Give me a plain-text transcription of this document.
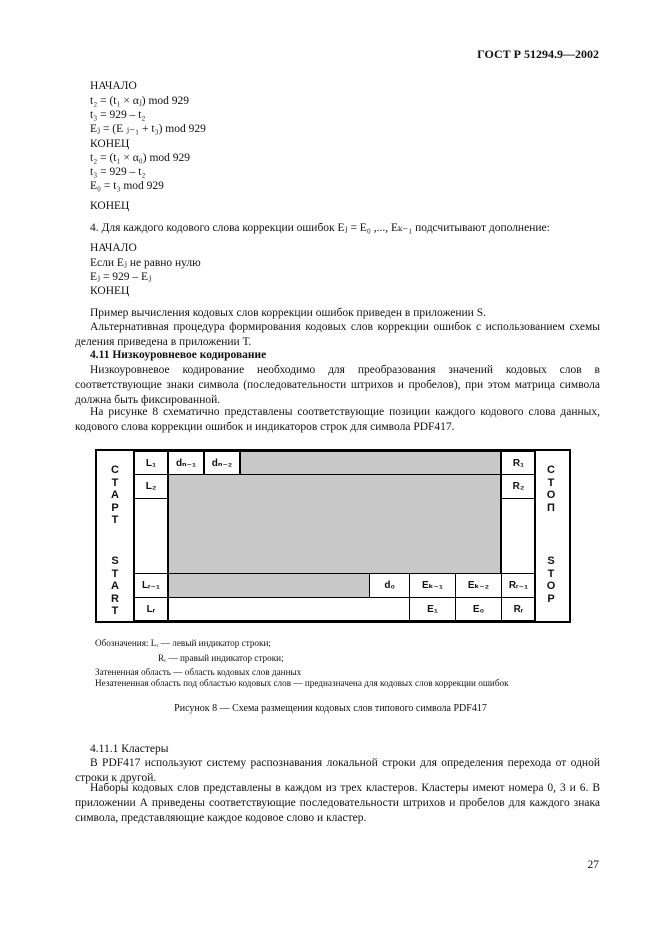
ГОСТ Р 51294.9—2002
НАЧАЛО
t₂ = (t₁ × αⱼ) mod 929
t₃ = 929 – t₂
Eⱼ = (E ⱼ₋₁ + t₃) mod 929
КОНЕЦ
t₂ = (t₁ × α₀) mod 929
t₃ = 929 – t₂
E₀ = t₃ mod 929
КОНЕЦ
4. Для каждого кодового слова коррекции ошибок Eⱼ = E₀ ,..., Eₖ₋₁ подсчитывают дополнение:
НАЧАЛО
Если Eⱼ не равно нулю
Eⱼ = 929 – Eⱼ
КОНЕЦ
Пример вычисления кодовых слов коррекции ошибок приведен в приложении S.
Альтернативная процедура формирования кодовых слов коррекции ошибок с использованием схемы деления приведена в приложении Т.
4.11 Низкоуровневое кодирование
Низкоуровневое кодирование необходимо для преобразования значений кодовых слов в соответствующие знаки символа (последовательности штрихов и пробелов), при этом матрица символа должна быть фиксированной.
На рисунке 8 схематично представлены соответствующие позиции каждого кодового слова данных, кодового слова коррекции ошибок и индикаторов строк для символа PDF417.
СТАРТ
START
СТОП
STOP
L₁	dₙ₋₁	dₙ₋₂	R₁
L₂	R₂
Lᵣ₋₁	d₀	Eₖ₋₁	Eₖ₋₂	Rᵣ₋₁
Lᵣ	E₁	E₀	Rᵣ
Обозначения: Lᵣ — левый индикатор строки;
Rᵣ — правый индикатор строки;
Затененная область — область кодовых слов данных
Незатененная область под областью кодовых слов — предназначена для кодовых слов коррекции ошибок
Рисунок 8 — Схема размещения кодовых слов типового символа PDF417
4.11.1 Кластеры
В PDF417 используют систему распознавания локальной строки для определения перехода от одной строки к другой.
Наборы кодовых слов представлены в каждом из трех кластеров. Кластеры имеют номера 0, 3 и 6. В приложении А приведены соответствующие последовательности штрихов и пробелов для каждого знака символа, представляющие каждое кодовое слово и кластер.
27
